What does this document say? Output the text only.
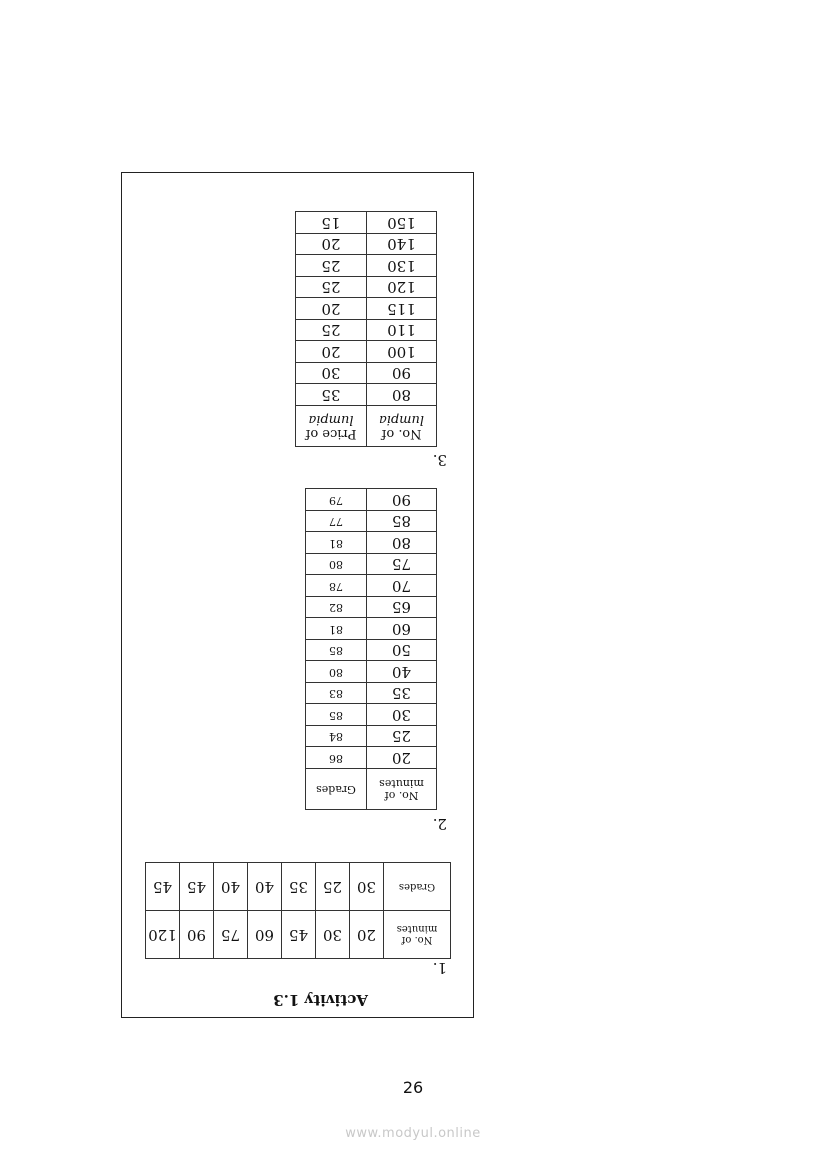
Activity 1.3
1.
No. of minutes	20	30	45	60	75	90	120
Grades	30	25	35	40	40	45	45
2.
No. of minutes	Grades
20	86
25	84
30	85
35	83
40	80
50	85
60	81
65	82
70	78
75	80
80	81
85	77
90	79
3.
No. of lumpia	Price of lumpia
80	35
90	30
100	20
110	25
115	20
120	25
130	25
140	20
150	15
26
www.modyul.online
